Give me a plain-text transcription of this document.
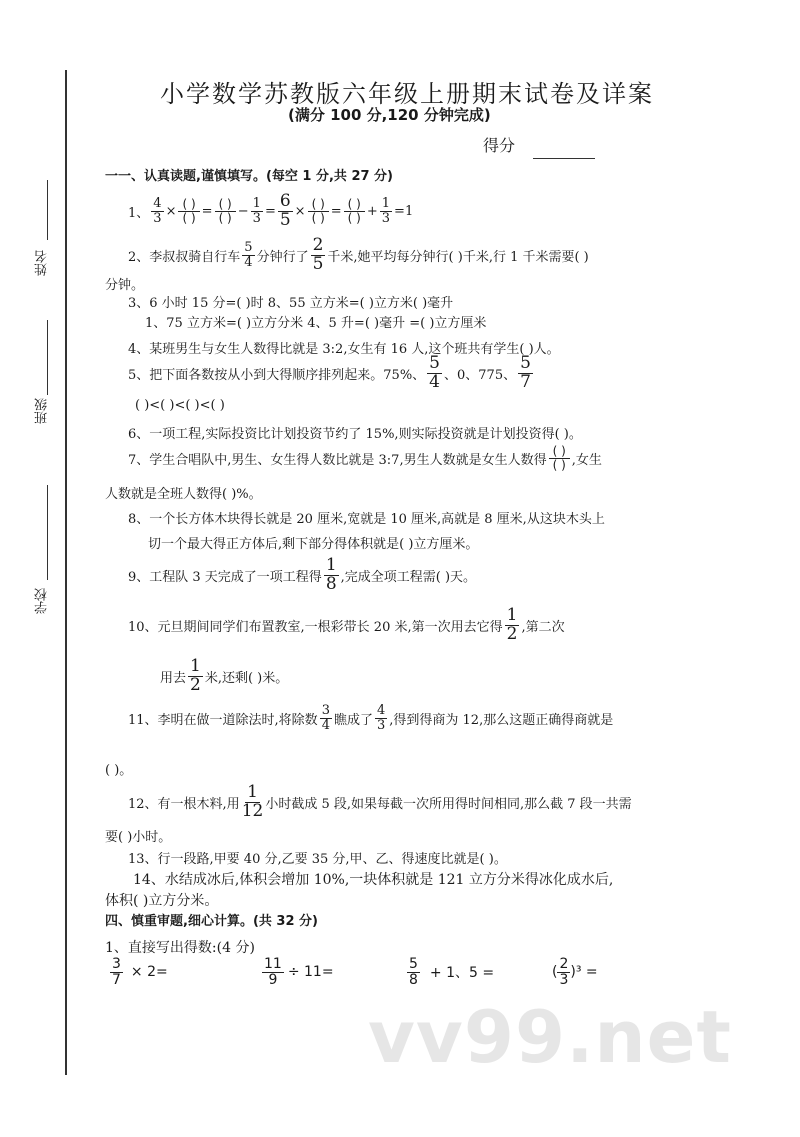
姓名
班级
学校
小学数学苏教版六年级上册期末试卷及详案
(满分 100 分,120 分钟完成)
得分
一一、认真读题,谨慎填写。(每空 1 分,共 27 分)
1、 $\frac{4}{3} \times \frac{( )}{( )} = \frac{( )}{( )} - \frac{1}{3} = \frac{6}{5} \times \frac{( )}{( )} = \frac{( )}{( )} + \frac{1}{3} =1$
2、李叔叔骑自行车 $\frac{5}{4}$ 分钟行了 $\frac{2}{5}$ 千米,她平均每分钟行( )千米,行 1 千米需要( )
分钟。
3、6 小时 15 分=( )时 8、55 立方米=( )立方米( )毫升
1、75 立方米=( )立方分米 4、5 升=( )毫升 =( )立方厘米
4、某班男生与女生人数得比就是 3:2,女生有 16 人,这个班共有学生( )人。
5、把下面各数按从小到大得顺序排列起来。75%、 $\frac{5}{4}$ 、0、775、 $\frac{5}{7}$
( )<( )<( )<( )
6、一项工程,实际投资比计划投资节约了 15%,则实际投资就是计划投资得( )。
7、学生合唱队中,男生、女生得人数比就是 3:7,男生人数就是女生人数得 $\frac{( )}{( )}$ ,女生
人数就是全班人数得( )%。
8、一个长方体木块得长就是 20 厘米,宽就是 10 厘米,高就是 8 厘米,从这块木头上
切一个最大得正方体后,剩下部分得体积就是( )立方厘米。
9、工程队 3 天完成了一项工程得 $\frac{1}{8}$ ,完成全项工程需( )天。
10、元旦期间同学们布置教室,一根彩带长 20 米,第一次用去它得 $\frac{1}{2}$ ,第二次
用去 $\frac{1}{2}$ 米,还剩( )米。
11、李明在做一道除法时,将除数 $\frac{3}{4}$ 瞧成了 $\frac{4}{3}$ ,得到得商为 12,那么这题正确得商就是
( )。
12、有一根木料,用 $\frac{1}{12}$ 小时截成 5 段,如果每截一次所用得时间相同,那么截 7 段一共需
要( )小时。
13、行一段路,甲要 40 分,乙要 35 分,甲、乙、得速度比就是( )。
14、水结成冰后,体积会增加 10%,一块体积就是 121 立方分米得冰化成水后,
体积( )立方分米。
四、慎重审题,细心计算。(共 32 分)
1、直接写出得数:(4 分)
$\frac{3}{7} \times 2=$	$\frac{11}{9} \div 11=$	$\frac{5}{8} + 1$、5 =	( $\frac{2}{3} )^3$ =
vv99.net
